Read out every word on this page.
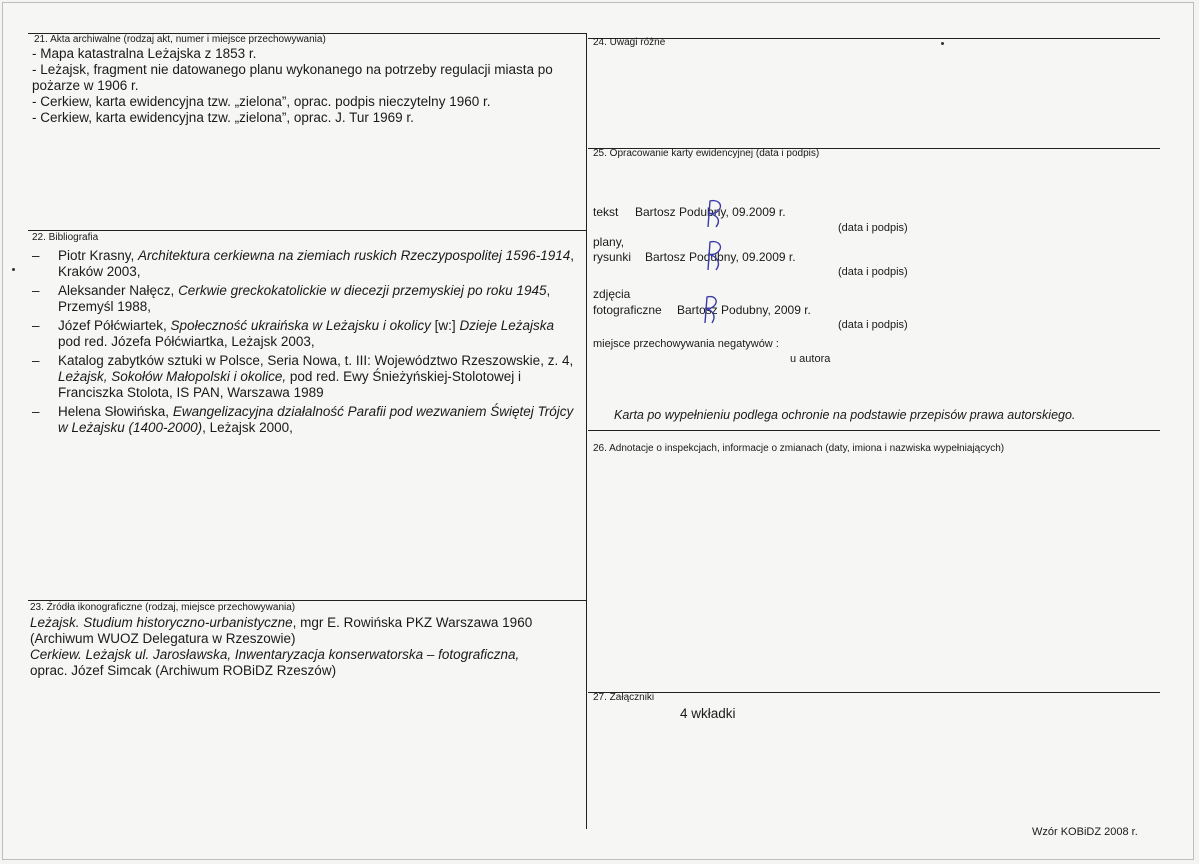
21. Akta archiwalne (rodzaj akt, numer i miejsce przechowywania)
- Mapa katastralna Leżajska z 1853 r.
- Leżajsk, fragment nie datowanego planu wykonanego na potrzeby regulacji miasta po
pożarze w 1906 r.
- Cerkiew, karta ewidencyjna tzw. „zielona”, oprac. podpis nieczytelny 1960 r.
- Cerkiew, karta ewidencyjna tzw. „zielona”, oprac. J. Tur 1969 r.
22. Bibliografia
– Piotr Krasny, Architektura cerkiewna na ziemiach ruskich Rzeczypospolitej 1596-1914, Kraków 2003,
– Aleksander Nałęcz, Cerkwie greckokatolickie w diecezji przemyskiej po roku 1945, Przemyśl 1988,
– Józef Półćwiartek, Społeczność ukraińska w Leżajsku i okolicy [w:] Dzieje Leżajska pod red. Józefa Półćwiartka, Leżajsk 2003,
– Katalog zabytków sztuki w Polsce, Seria Nowa, t. III: Województwo Rzeszowskie, z. 4, Leżajsk, Sokołów Małopolski i okolice, pod red. Ewy Śnieżyńskiej-Stolotowej i Franciszka Stolota, IS PAN, Warszawa 1989
– Helena Słowińska, Ewangelizacyjna działalność Parafii pod wezwaniem Świętej Trójcy w Leżajsku (1400-2000), Leżajsk 2000,
23. Źródła ikonograficzne (rodzaj, miejsce przechowywania)
Leżajsk. Studium historyczno-urbanistyczne, mgr E. Rowińska PKZ Warszawa 1960
(Archiwum WUOZ Delegatura w Rzeszowie)
Cerkiew. Leżajsk ul. Jarosławska, Inwentaryzacja konserwatorska – fotograficzna,
oprac. Józef Simcak (Archiwum ROBiDZ Rzeszów)
24. Uwagi różne
25. Opracowanie karty ewidencyjnej (data i podpis)
tekst Bartosz Podubny, 09.2009 r.
(data i podpis)
plany,
rysunki Bartosz Podubny, 09.2009 r.
(data i podpis)
zdjęcia
fotograficzne Bartosz Podubny, 2009 r.
(data i podpis)
miejsce przechowywania negatywów :
u autora
Karta po wypełnieniu podlega ochronie na podstawie przepisów prawa autorskiego.
26. Adnotacje o inspekcjach, informacje o zmianach (daty, imiona i nazwiska wypełniających)
27. Załączniki
4 wkładki
Wzór KOBiDZ 2008 r.
